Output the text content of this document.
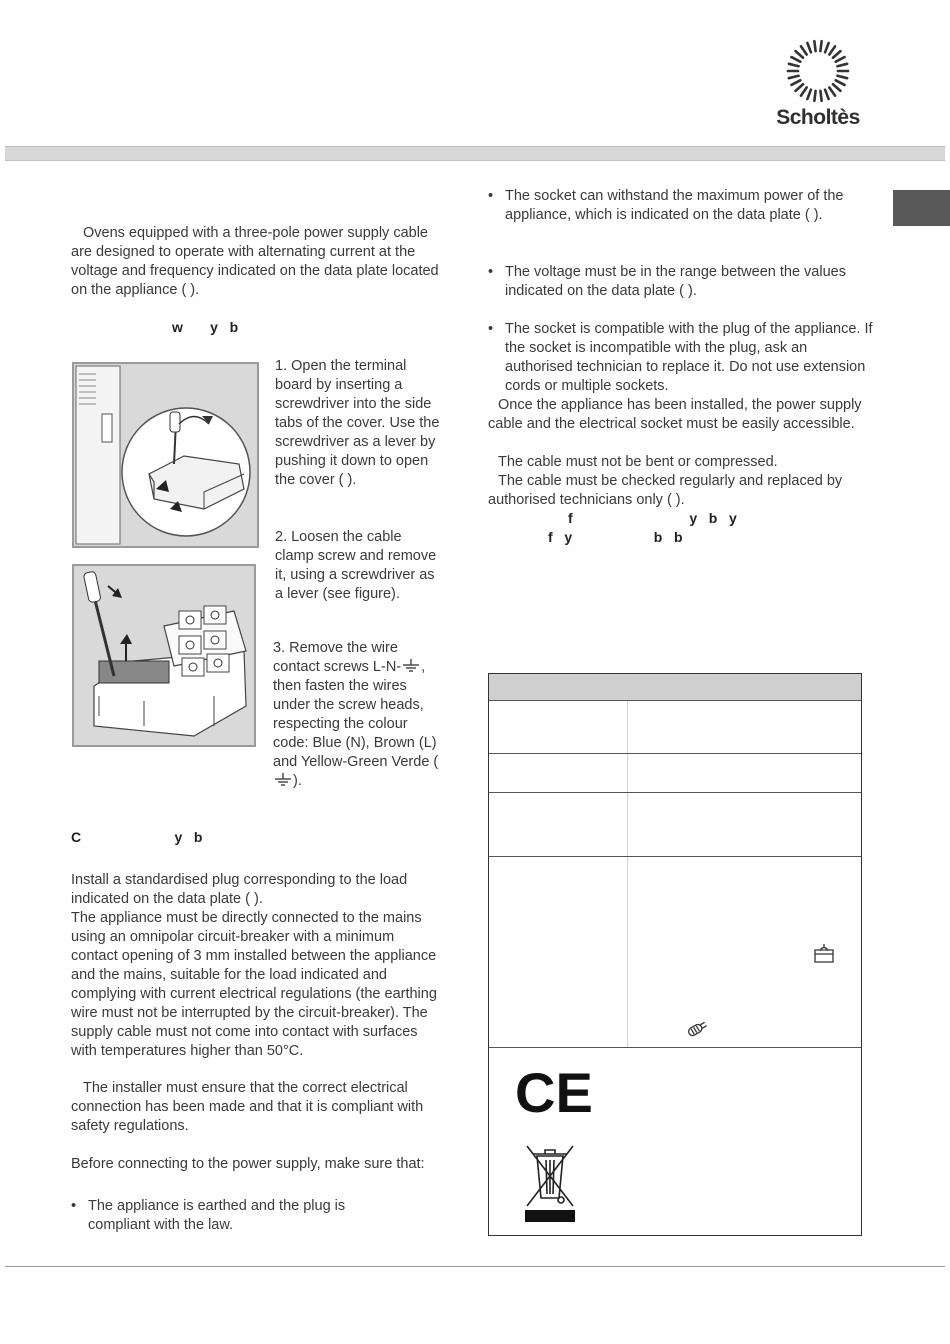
Scholtès
Ovens equipped with a three-pole power supply cable are designed to operate with alternating current at the voltage and frequency indicated on the data plate located on the appliance ( ).
w       y   b
1. Open the terminal board by inserting a screwdriver into the side tabs of the cover. Use the screwdriver as a lever by pushing it down to open the cover ( ).
2. Loosen the cable clamp screw and remove it, using a screwdriver as a lever (see figure).
3. Remove the wire contact screws L-N- , then fasten the wires under the screw heads, respecting the colour code: Blue (N), Brown (L) and Yellow-Green Verde ().
C                        y   b
Install a standardised plug corresponding to the load indicated on the data plate ( ).
The appliance must be directly connected to the mains using an omnipolar circuit-breaker with a minimum contact opening of 3 mm installed between the appliance and the mains, suitable for the load indicated and complying with current electrical regulations (the earthing wire must not be interrupted by the circuit-breaker). The supply cable must not come into contact with surfaces with temperatures higher than 50°C.
The installer must ensure that the correct electrical connection has been made and that it is compliant with safety regulations.
Before connecting to the power supply, make sure that:
• The appliance is earthed and the plug is compliant with the law.
• The socket can withstand the maximum power of the appliance, which is indicated on the data plate ( ).
• The voltage must be in the range between the values indicated on the data plate ( ).
• The socket is compatible with the plug of the appliance. If the socket is incompatible with the plug, ask an authorised technician to replace it. Do not use extension cords or multiple sockets.
Once the appliance has been installed, the power supply cable and the electrical socket must be easily accessible.
The cable must not be bent or compressed.
The cable must be checked regularly and replaced by authorised technicians only ( ).
f                              y   b   y
f   y                     b   b
CE
